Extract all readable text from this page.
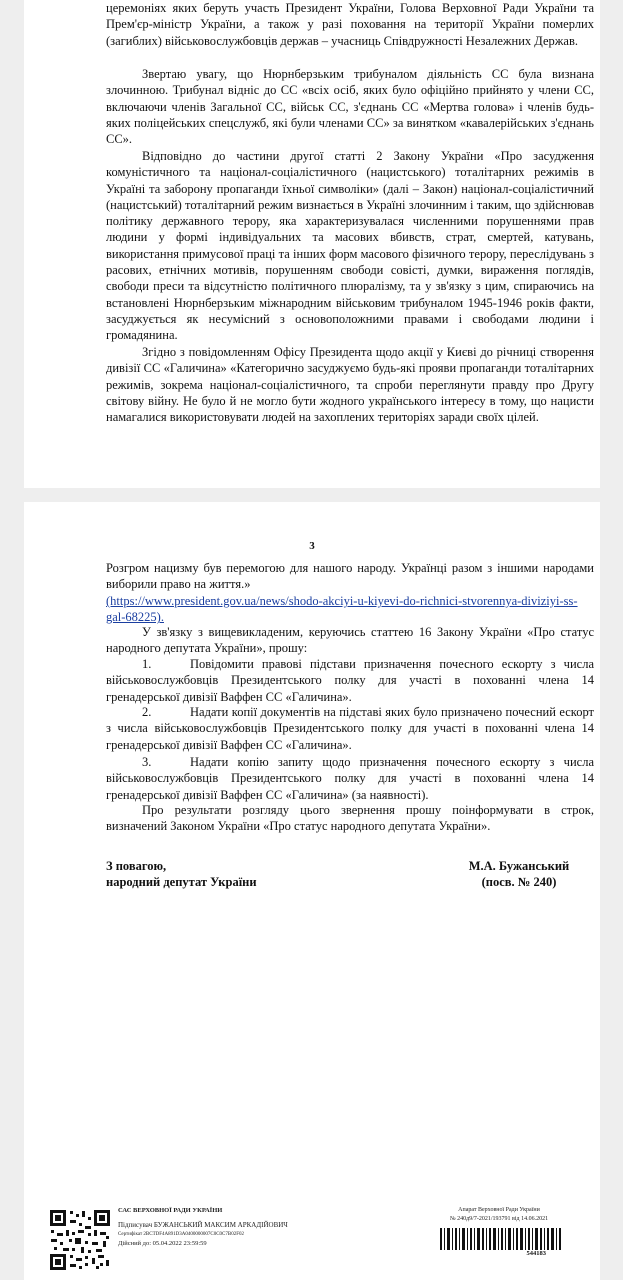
церемоніях яких беруть участь Президент України, Голова Верховної Ради України та Прем'єр-міністр України, а також у разі поховання на території України померлих (загиблих) військовослужбовців держав – учасниць Співдружності Незалежних Держав.

Звертаю увагу, що Нюрнберзьким трибуналом діяльність СС була визнана злочинною. Трибунал відніс до СС «всіх осіб, яких було офіційно прийнято у члени СС, включаючи членів Загальної СС, військ СС, з'єднань СС «Мертва голова» і членів будь-яких поліцейських спецслужб, які були членами СС» за винятком «кавалерійських з'єднань СС».

Відповідно до частини другої статті 2 Закону України «Про засудження комуністичного та націонал-соціалістичного (нацистського) тоталітарних режимів в Україні та заборону пропаганди їхньої символіки» (далі – Закон) націонал-соціалістичний (нацистський) тоталітарний режим визнається в Україні злочинним і таким, що здійснював політику державного терору, яка характеризувалася численними порушеннями прав людини у формі індивідуальних та масових вбивств, страт, смертей, катувань, використання примусової праці та інших форм масового фізичного терору, переслідувань з расових, етнічних мотивів, порушенням свободи совісті, думки, вираження поглядів, свободи преси та відсутністю політичного плюралізму, та у зв'язку з цим, спираючись на встановлені Нюрнберзьким міжнародним військовим трибуналом 1945-1946 років факти, засуджується як несумісний з основоположними правами і свободами людини і громадянина.

Згідно з повідомленням Офісу Президента щодо акції у Києві до річниці створення дивізії СС «Галичина» «Категорично засуджуємо будь-які прояви пропаганди тоталітарних режимів, зокрема націонал-соціалістичного, та спроби переглянути правду про Другу світову війну. Не було й не могло бути жодного українського інтересу в тому, що нацисти намагалися використовувати людей на захоплених територіях заради своїх цілей.

3

Розгром нацизму був перемогою для нашого народу. Українці разом з іншими народами виборили право на життя.»

(https://www.president.gov.ua/news/shodo-akciyi-u-kiyevi-do-richnici-stvorennya-diviziyi-ss-gal-68225).

У зв'язку з вищевикладеним, керуючись статтею 16 Закону України «Про статус народного депутата України», прошу:

1.	Повідомити правові підстави призначення почесного ескорту з числа військовослужбовців Президентського полку для участі в похованні члена 14 гренадерської дивізії Ваффен СС «Галичина».

2.	Надати копії документів на підставі яких було призначено почесний ескорт з числа військовослужбовців Президентського полку для участі в похованні члена 14 гренадерської дивізії Ваффен СС «Галичина».

3.	Надати копію запиту щодо призначення почесного ескорту з числа військовослужбовців Президентського полку для участі в похованні члена 14 гренадерської дивізії Ваффен СС «Галичина» (за наявності).

Про результати розгляду цього звернення прошу поінформувати в строк, визначений Законом України «Про статус народного депутата України».

З повагою,
народний депутат України
М.А. Бужанський
(посв. № 240)
САС ВЕРХОВНОЇ РАДИ УКРАЇНИ
Підписувач БУЖАНСЬКИЙ МАКСИМ АРКАДІЙОВИЧ
Сертифікат 2BCTDF4A891D3A0400000007C0C0C7B02F02
Дійсний до: 05.04.2022 23:59:59
Апарат Верховної Ради України
№ 240д9/7-2021/193791 від 14.06.2021
544183
